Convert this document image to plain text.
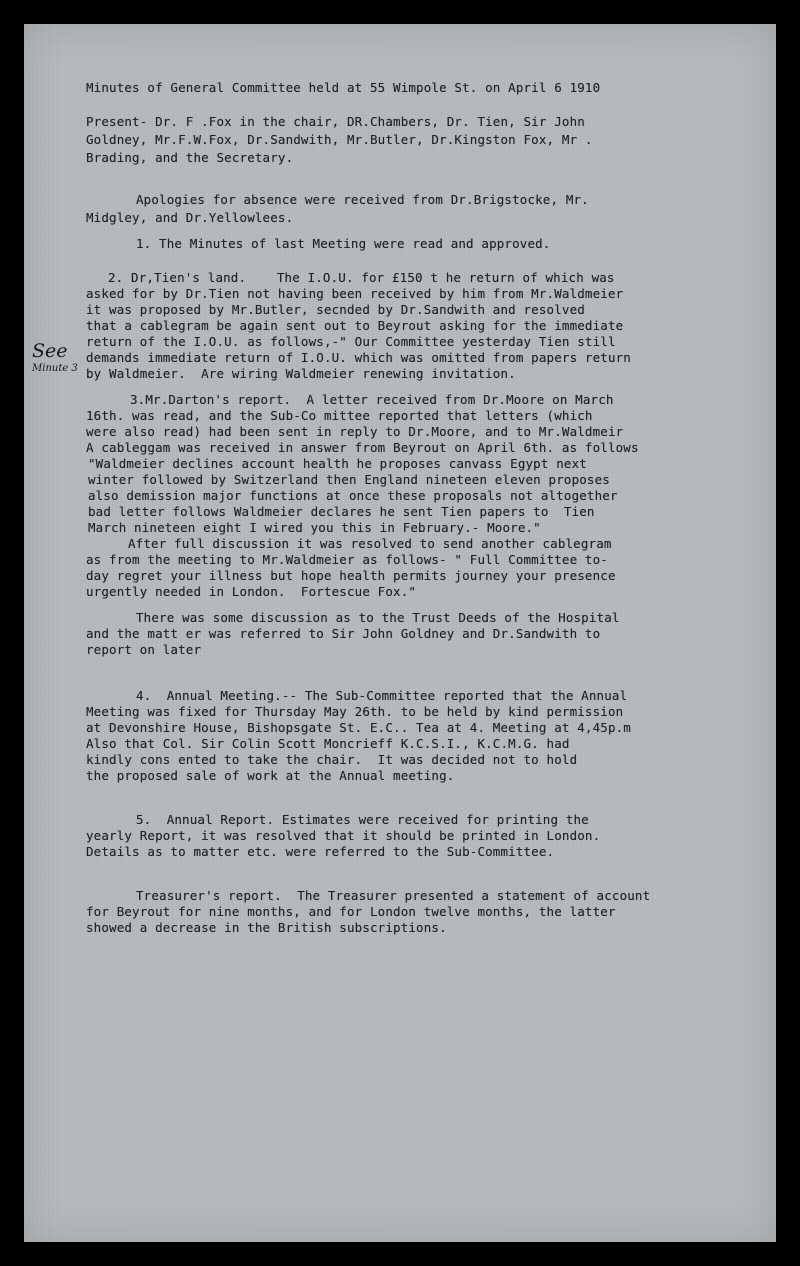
Minutes of General Committee held at 55 Wimpole St. on April 6 1910
Present- Dr. F .Fox in the chair, DR.Chambers, Dr. Tien, Sir John
Goldney, Mr.F.W.Fox, Dr.Sandwith, Mr.Butler, Dr.Kingston Fox, Mr .
Brading, and the Secretary.
Apologies for absence were received from Dr.Brigstocke, Mr.
Midgley, and Dr.Yellowlees.
1. The Minutes of last Meeting were read and approved.
2. Dr,Tien's land.    The I.O.U. for £150 t he return of which was
asked for by Dr.Tien not having been received by him from Mr.Waldmeier
it was proposed by Mr.Butler, secnded by Dr.Sandwith and resolved
that a cablegram be again sent out to Beyrout asking for the immediate
return of the I.O.U. as follows,-" Our Committee yesterday Tien still
demands immediate return of I.O.U. which was omitted from papers return
by Waldmeier.  Are wiring Waldmeier renewing invitation.
See
Minute 3
3.Mr.Darton's report.  A letter received from Dr.Moore on March
16th. was read, and the Sub-Co mittee reported that letters (which
were also read) had been sent in reply to Dr.Moore, and to Mr.Waldmeir
A cableggam was received in answer from Beyrout on April 6th. as follows
"Waldmeier declines account health he proposes canvass Egypt next
winter followed by Switzerland then England nineteen eleven proposes
also demission major functions at once these proposals not altogether
bad letter follows Waldmeier declares he sent Tien papers to  Tien
March nineteen eight I wired you this in February.- Moore."
After full discussion it was resolved to send another cablegram
as from the meeting to Mr.Waldmeier as follows- " Full Committee to-
day regret your illness but hope health permits journey your presence
urgently needed in London.  Fortescue Fox."
There was some discussion as to the Trust Deeds of the Hospital
and the matt er was referred to Sir John Goldney and Dr.Sandwith to
report on later
4.  Annual Meeting.-- The Sub-Committee reported that the Annual
Meeting was fixed for Thursday May 26th. to be held by kind permission
at Devonshire House, Bishopsgate St. E.C.. Tea at 4. Meeting at 4,45p.m
Also that Col. Sir Colin Scott Moncrieff K.C.S.I., K.C.M.G. had
kindly cons ented to take the chair.  It was decided not to hold
the proposed sale of work at the Annual meeting.
5.  Annual Report. Estimates were received for printing the
yearly Report, it was resolved that it should be printed in London.
Details as to matter etc. were referred to the Sub-Committee.
Treasurer's report.  The Treasurer presented a statement of account
for Beyrout for nine months, and for London twelve months, the latter
showed a decrease in the British subscriptions.
